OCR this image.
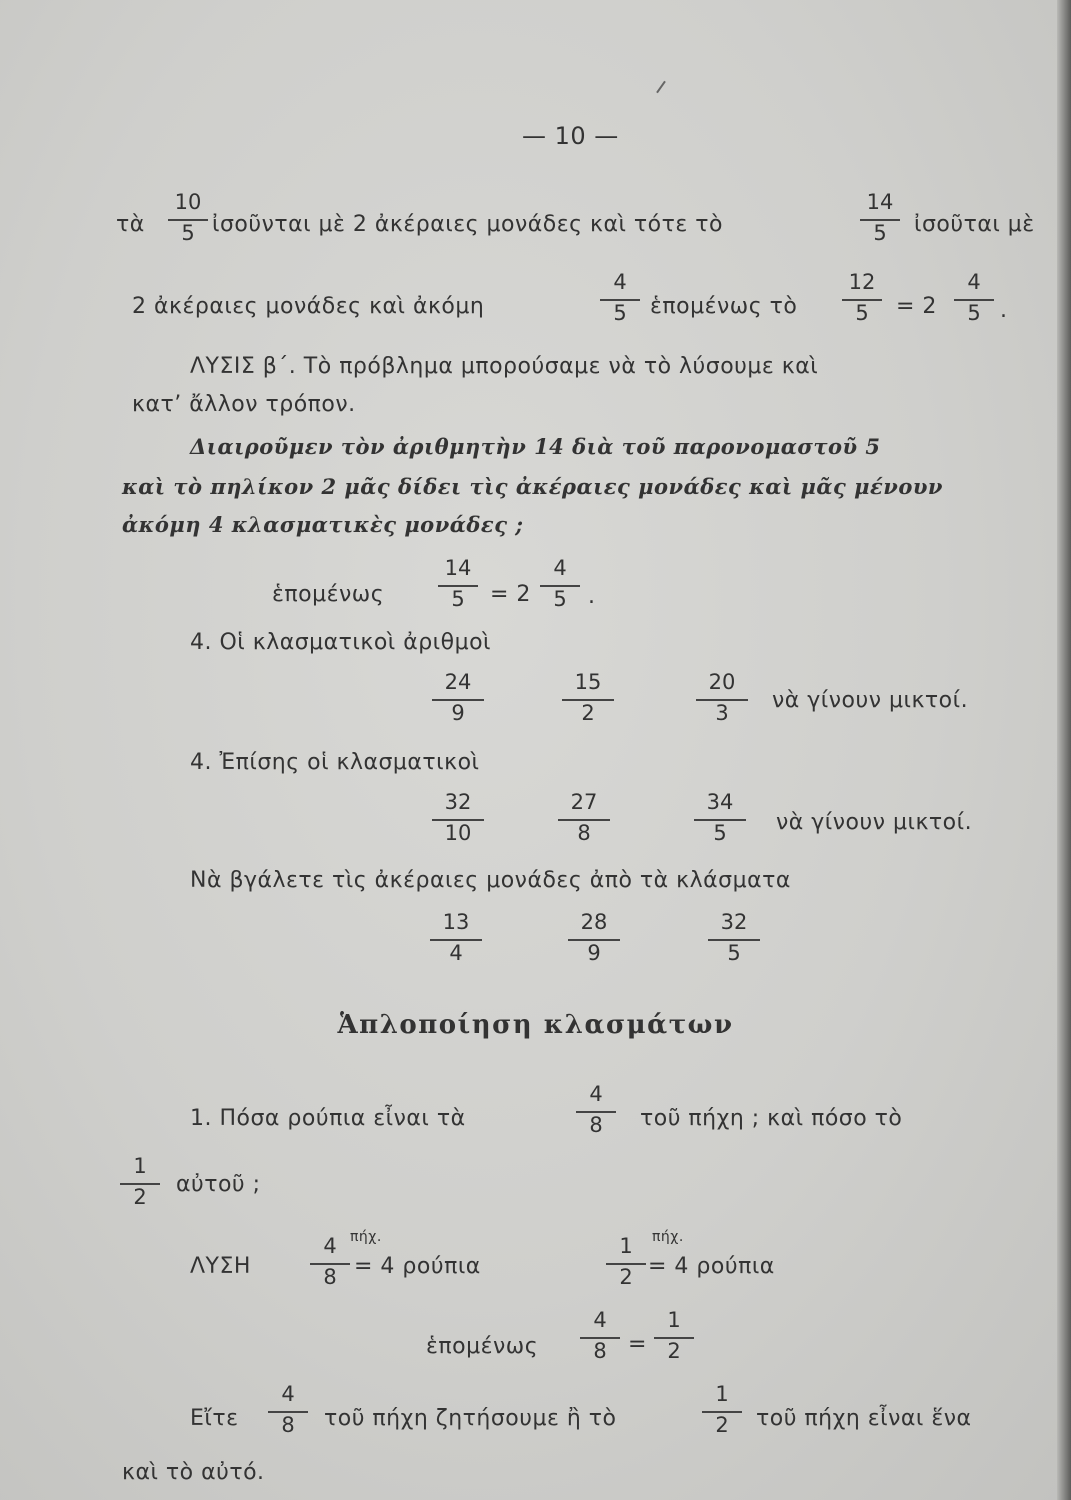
— 10 —
τὰ
10
5 ἰσοῦνται μὲ 2 ἀκέραιες μονάδες καὶ τότε τὸ
14
5	ἰσοῦται μὲ
2 ἀκέραιες μονάδες καὶ ἀκόμη
4
5	ἑπομένως τὸ
12
5	= 2
4
5 .
ΛΥΣΙΣ β΄. Τὸ πρόβλημα μπορούσαμε νὰ τὸ λύσουμε καὶ
κατ’ ἄλλον τρόπον.
Διαιροῦμεν τὸν ἀριθμητὴν 14 διὰ τοῦ παρονομαστοῦ 5
καὶ τὸ πηλίκον 2 μᾶς δίδει τὶς ἀκέραιες μονάδες καὶ μᾶς μένουν
ἀκόμη 4 κλασματικὲς μονάδες ;
ἑπομένως
14
5	= 2
4
5 .
4. Οἱ κλασματικοὶ ἀριθμοὶ
24
9
15
2
20
3	νὰ γίνουν μικτοί.
4. Ἐπίσης οἱ κλασματικοὶ
32
10
27
8
34
5	νὰ γίνουν μικτοί.
Νὰ βγάλετε τὶς ἀκέραιες μονάδες ἀπὸ τὰ κλάσματα
13
4
28
9
32
5
Ἁπλοποίηση κλασμάτων
1. Πόσα ρούπια εἶναι τὰ
4
8	τοῦ πήχη ; καὶ πόσο τὸ
1
2	αὐτοῦ ;
ΛΥΣΗ
4
8
πήχ.
= 4 ρούπια
1
2
πήχ.
= 4 ρούπια
ἑπομένως
4
8 =
1
2
Εἴτε
4
8	τοῦ πήχη ζητήσουμε ἢ τὸ
1
2	τοῦ πήχη εἶναι ἕνα
καὶ τὸ αὐτό.
